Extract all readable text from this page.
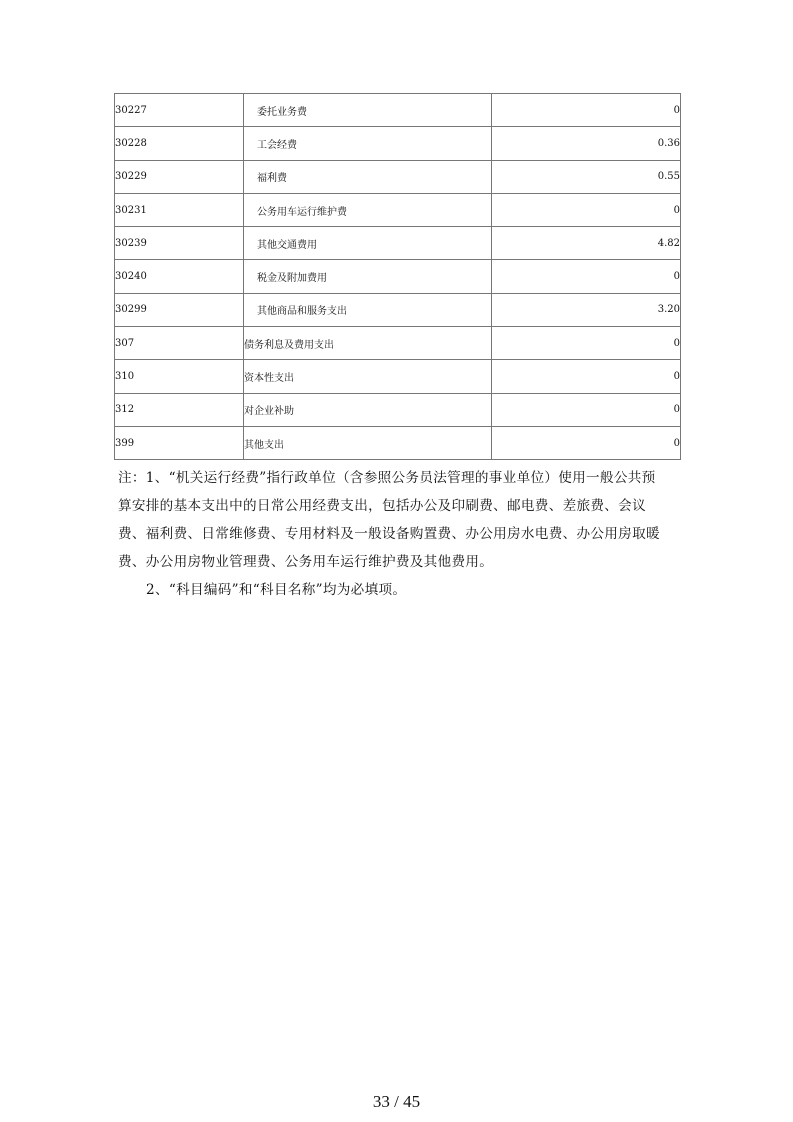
30227	委托业务费	0
30228	工会经费	0.36
30229	福利费	0.55
30231	公务用车运行维护费	0
30239	其他交通费用	4.82
30240	税金及附加费用	0
30299	其他商品和服务支出	3.20
307	债务利息及费用支出	0
310	资本性支出	0
312	对企业补助	0
399	其他支出	0

注：1、“机关运行经费”指行政单位（含参照公务员法管理的事业单位）使用一般公共预

算安排的基本支出中的日常公用经费支出，包括办公及印刷费、邮电费、差旅费、会议

费、福利费、日常维修费、专用材料及一般设备购置费、办公用房水电费、办公用房取暖

费、办公用房物业管理费、公务用车运行维护费及其他费用。

2、“科目编码”和“科目名称”均为必填项。

33 / 45
